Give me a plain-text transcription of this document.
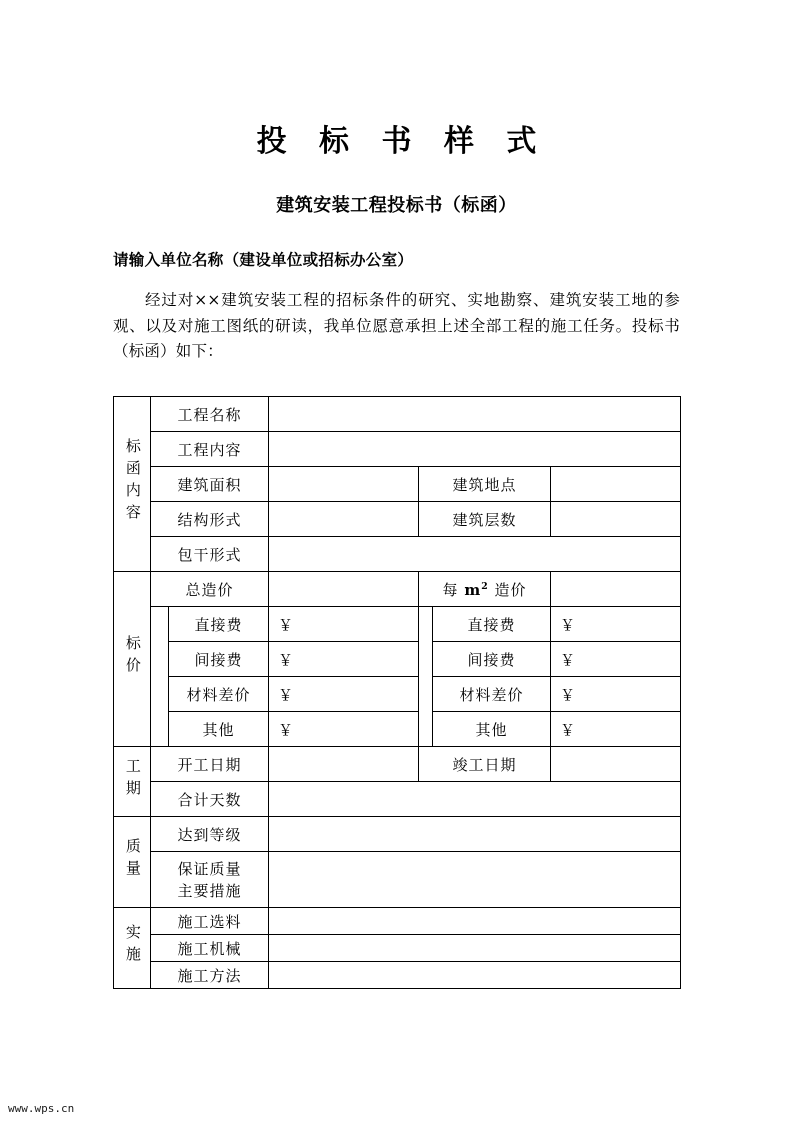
投 标 书 样 式
建筑安装工程投标书（标函）
请输入单位名称（建设单位或招标办公室）
经过对××建筑安装工程的招标条件的研究、实地勘察、建筑安装工地的参观、以及对施工图纸的研读，我单位愿意承担上述全部工程的施工任务。投标书（标函）如下：
标函内容	工程名称					
	工程内容					
	建筑面积			建筑地点		
	结构形式			建筑层数		
	包干形式					
标价	总造价			每 $m^2$ 造价		
		直接费	￥		直接费	￥
		间接费	￥		间接费	￥
		材料差价	￥		材料差价	￥
		其他	￥		其他	￥
工期	开工日期			竣工日期		
	合计天数					
质量	达到等级					
	保证质量
主要措施					
实施	施工选料					
	施工机械					
	施工方法					
www.wps.cn
